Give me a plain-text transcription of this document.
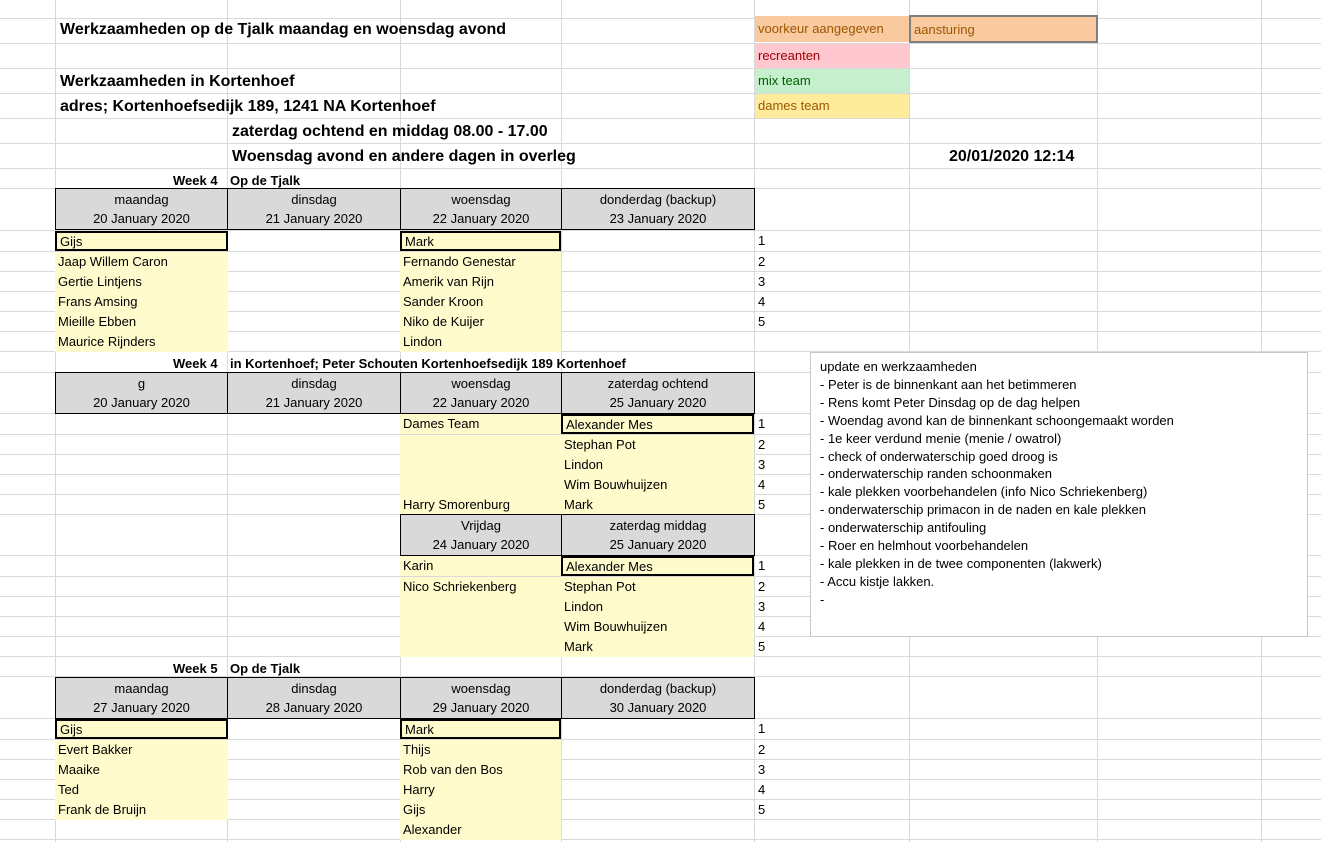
Werkzaamheden op de Tjalk maandag en woensdag avond
Werkzaamheden in Kortenhoef
adres; Kortenhoefsedijk 189, 1241 NA Kortenhoef
zaterdag ochtend en middag 08.00 - 17.00
Woensdag avond en andere dagen in overleg	20/01/2020 12:14
voorkeur aangegeven	aansturing
recreanten
mix team
dames team
Week 4 Op de Tjalk
maandag
20 January 2020
dinsdag
21 January 2020
woensdag
22 January 2020
donderdag (backup)
23 January 2020
Gijs
Jaap Willem Caron
Gertie Lintjens
Frans Amsing
Mieille Ebben
Maurice Rijnders
Mark
Fernando Genestar
Amerik van Rijn
Sander Kroon
Niko de Kuijer
Lindon
1
2
3
4
5
Week 4 in Kortenhoef; Peter Schouten Kortenhoefsedijk 189 Kortenhoef
g
20 January 2020
dinsdag
21 January 2020
woensdag
22 January 2020
zaterdag ochtend
25 January 2020
Dames Team
Harry Smorenburg
Alexander Mes
Stephan Pot
Lindon
Wim Bouwhuijzen
Mark
1
2
3
4
5
Vrijdag
24 January 2020
zaterdag middag
25 January 2020
Karin
Nico Schriekenberg
Alexander Mes
Stephan Pot
Lindon
Wim Bouwhuijzen
Mark
1
2
3
4
5
Week 5 Op de Tjalk
maandag
27 January 2020
dinsdag
28 January 2020
woensdag
29 January 2020
donderdag (backup)
30 January 2020
Gijs
Evert Bakker
Maaike
Ted
Frank de Bruijn
Mark
Thijs
Rob van den Bos
Harry
Gijs
Alexander
1
2
3
4
5
update en werkzaamheden
- Peter is de binnenkant aan het betimmeren
- Rens komt Peter Dinsdag op de dag helpen
- Woendag avond kan de binnenkant schoongemaakt worden
- 1e keer verdund menie (menie / owatrol)
- check of onderwaterschip goed droog is
- onderwaterschip randen schoonmaken
- kale plekken voorbehandelen (info Nico Schriekenberg)
- onderwaterschip primacon in de naden en kale plekken
- onderwaterschip antifouling
- Roer en helmhout voorbehandelen
- kale plekken in de twee componenten (lakwerk)
- Accu kistje lakken.
-
